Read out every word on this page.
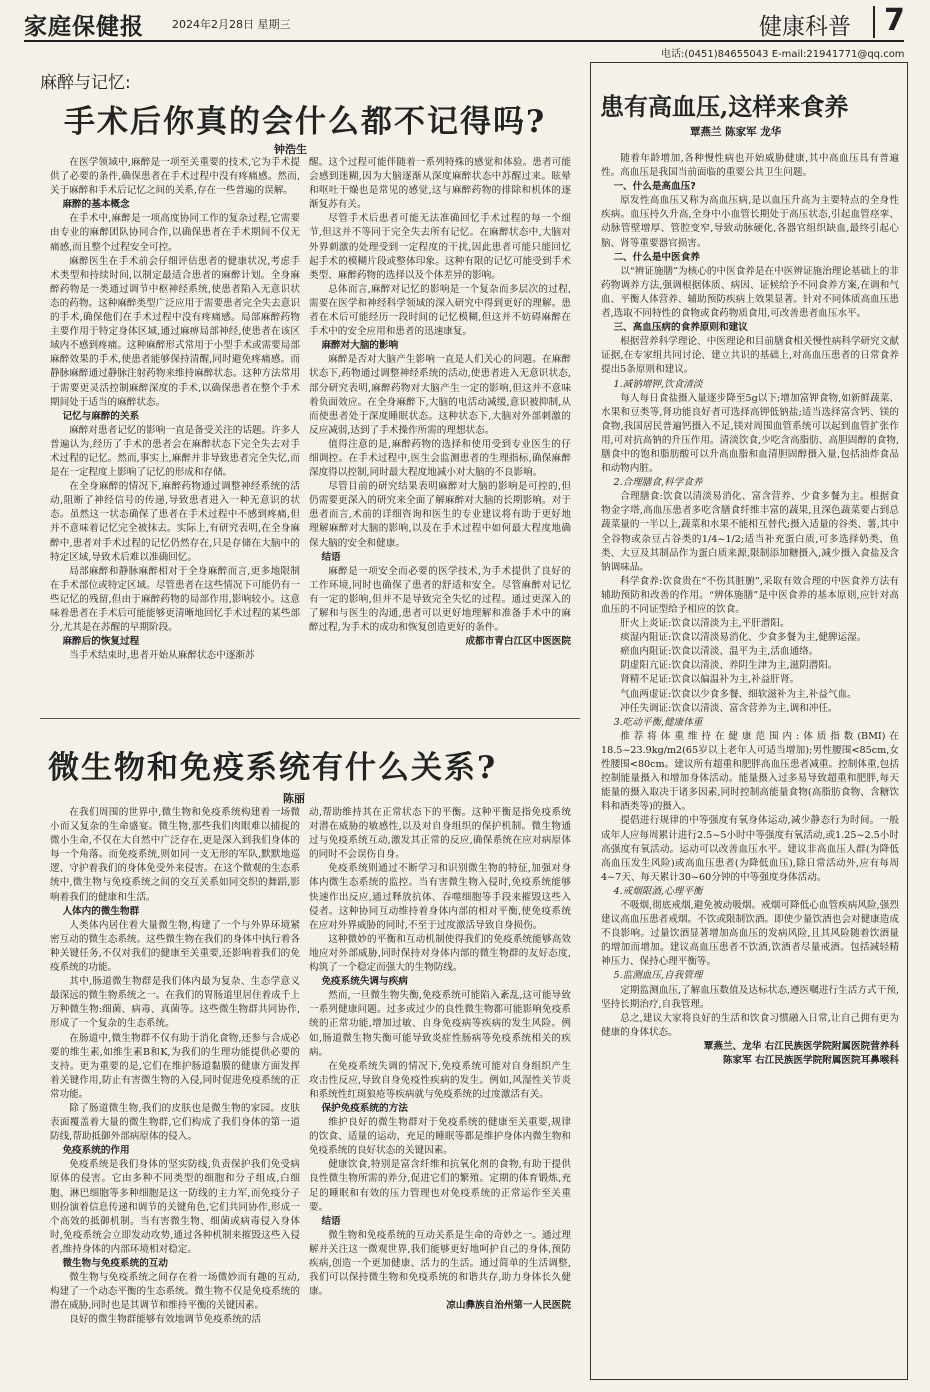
家庭保健报	2024年2月28日 星期三	健康科普 7
电话:(0451)84655043 E-mail:21941771@qq.com
麻醉与记忆:
手术后你真的会什么都不记得吗?
钟浩生

在医学领域中,麻醉是一项至关重要的技术,它为手术提供了必要的条件,确保患者在手术过程中没有疼痛感。然而,关于麻醉和手术后记忆之间的关系,存在一些普遍的误解。

麻醉的基本概念

在手术中,麻醉是一项高度协同工作的复杂过程,它需要由专业的麻醉团队协同合作,以确保患者在手术期间不仅无痛感,而且整个过程安全可控。

麻醉医生在手术前会仔细评估患者的健康状况,考虑手术类型和持续时间,以制定最适合患者的麻醉计划。全身麻醉药物是一类通过调节中枢神经系统,使患者陷入无意识状态的药物。这种麻醉类型广泛应用于需要患者完全失去意识的手术,确保他们在手术过程中没有疼痛感。局部麻醉药物主要作用于特定身体区域,通过麻痹局部神经,使患者在该区域内不感到疼痛。这种麻醉形式常用于小型手术或需要局部麻醉效果的手术,使患者能够保持清醒,同时避免疼痛感。而静脉麻醉通过静脉注射药物来维持麻醉状态。这种方法常用于需要更灵活控制麻醉深度的手术,以确保患者在整个手术期间处于适当的麻醉状态。

记忆与麻醉的关系

麻醉对患者记忆的影响一直是备受关注的话题。许多人普遍认为,经历了手术的患者会在麻醉状态下完全失去对手术过程的记忆。然而,事实上,麻醉并非导致患者完全失忆,而是在一定程度上影响了记忆的形成和存储。

在全身麻醉的情况下,麻醉药物通过调整神经系统的活动,阻断了神经信号的传递,导致患者进入一种无意识的状态。虽然这一状态确保了患者在手术过程中不感到疼痛,但并不意味着记忆完全被抹去。实际上,有研究表明,在全身麻醉中,患者对手术过程的记忆仍然存在,只是存储在大脑中的特定区域,导致术后难以准确回忆。

局部麻醉和静脉麻醉相对于全身麻醉而言,更多地限制在手术部位或特定区域。尽管患者在这些情况下可能仍有一些记忆的残留,但由于麻醉药物的局部作用,影响较小。这意味着患者在手术后可能能够更清晰地回忆手术过程的某些部分,尤其是在苏醒的早期阶段。

麻醉后的恢复过程

当手术结束时,患者开始从麻醉状态中逐渐苏

醒。这个过程可能伴随着一系列特殊的感觉和体验。患者可能会感到迷糊,因为大脑逐渐从深度麻醉状态中苏醒过来。眩晕和呕吐干燥也是常见的感觉,这与麻醉药物的排除和机体的逐渐复苏有关。

尽管手术后患者可能无法准确回忆手术过程的每一个细节,但这并不等同于完全失去所有记忆。在麻醉状态中,大脑对外界刺激的处理受到一定程度的干扰,因此患者可能只能回忆起手术的模糊片段或整体印象。这种有限的记忆可能受到手术类型、麻醉药物的选择以及个体差异的影响。

总体而言,麻醉对记忆的影响是一个复杂而多层次的过程,需要在医学和神经科学领域的深入研究中得到更好的理解。患者在术后可能经历一段时间的记忆模糊,但这并不妨碍麻醉在手术中的安全应用和患者的迅速康复。

麻醉对大脑的影响

麻醉是否对大脑产生影响一直是人们关心的问题。在麻醉状态下,药物通过调整神经系统的活动,使患者进入无意识状态,部分研究表明,麻醉药物对大脑产生一定的影响,但这并不意味着负面效应。在全身麻醉下,大脑的电活动减缓,意识被抑制,从而使患者处于深度睡眠状态。这种状态下,大脑对外部刺激的反应减弱,达到了手术操作所需的理想状态。

值得注意的是,麻醉药物的选择和使用受到专业医生的仔细调控。在手术过程中,医生会监测患者的生理指标,确保麻醉深度得以控制,同时最大程度地减小对大脑的不良影响。

尽管目前的研究结果表明麻醉对大脑的影响是可控的,但仍需要更深入的研究来全面了解麻醉对大脑的长期影响。对于患者而言,术前的详细咨询和医生的专业建议将有助于更好地理解麻醉对大脑的影响,以及在手术过程中如何最大程度地确保大脑的安全和健康。

结语

麻醉是一项安全而必要的医学技术,为手术提供了良好的工作环境,同时也确保了患者的舒适和安全。尽管麻醉对记忆有一定的影响,但并不是导致完全失忆的过程。通过更深入的了解和与医生的沟通,患者可以更好地理解和准备手术中的麻醉过程,为手术的成功和恢复创造更好的条件。

成都市青白江区中医医院

微生物和免疫系统有什么关系?
陈丽

在我们周围的世界中,微生物和免疫系统构建着一场微小而又复杂的生命盛宴。微生物,那些我们肉眼难以捕捉的微小生命,不仅在大自然中广泛存在,更是深入到我们身体的每一个角落。而免疫系统,则如同一支无形的军队,默默地巡逻、守护着我们的身体免受外来侵害。在这个微观的生态系统中,微生物与免疫系统之间的交互关系如同交织的舞蹈,影响着我们的健康和生活。

人体内的微生物群

人类体内居住着大量微生物,构建了一个与外界环境紧密互动的微生态系统。这些微生物在我们的身体中执行着各种关键任务,不仅对我们的健康至关重要,还影响着我们的免疫系统的功能。

其中,肠道微生物群是我们体内最为复杂、生态学意义最深远的微生物系统之一。在我们的胃肠道里居住着成千上万种微生物:细菌、病毒、真菌等。这些微生物群共同协作,形成了一个复杂的生态系统。

在肠道中,微生物群不仅有助于消化食物,还参与合成必要的维生素,如维生素B和K,为我们的生理功能提供必要的支持。更为重要的是,它们在维护肠道黏膜的健康方面发挥着关键作用,防止有害微生物的入侵,同时促进免疫系统的正常功能。

除了肠道微生物,我们的皮肤也是微生物的家园。皮肤表面覆盖着大量的微生物群,它们构成了我们身体的第一道防线,帮助抵御外部病原体的侵入。

免疫系统的作用

免疫系统是我们身体的坚实防线,负责保护我们免受病原体的侵害。它由多种不同类型的细胞和分子组成,白细胞、淋巴细胞等多种细胞是这一防线的主力军,而免疫分子则扮演着信息传递和调节的关键角色,它们共同协作,形成一个高效的抵御机制。当有害微生物、细菌或病毒侵入身体时,免疫系统会立即发动攻势,通过各种机制来摧毁这些入侵者,维持身体的内部环境相对稳定。

微生物与免疫系统的互动

微生物与免疫系统之间存在着一场微妙而有趣的互动,构建了一个动态平衡的生态系统。微生物不仅是免疫系统的潜在威胁,同时也是其调节和维持平衡的关键因素。

良好的微生物群能够有效地调节免疫系统的活

动,帮助维持其在正常状态下的平衡。这种平衡是指免疫系统对潜在威胁的敏感性,以及对自身组织的保护机制。微生物通过与免疫系统互动,激发其正常的反应,确保系统在应对病原体的同时不会误伤自身。

免疫系统则通过不断学习和识别微生物的特征,加强对身体内微生态系统的监控。当有害微生物入侵时,免疫系统能够快速作出反应,通过释放抗体、吞噬细胞等手段来摧毁这些入侵者。这种协同互动维持着身体内部的相对平衡,使免疫系统在应对外界威胁的同时,不至于过度激活导致自身损伤。

这种微妙的平衡和互动机制使得我们的免疫系统能够高效地应对外部威胁,同时保持对身体内部的微生物群的友好态度,构筑了一个稳定而强大的生物防线。

免疫系统失调与疾病

然而,一旦微生物失衡,免疫系统可能陷入紊乱,这可能导致一系列健康问题。过多或过少的良性微生物都可能影响免疫系统的正常功能,增加过敏、自身免疫病等疾病的发生风险。例如,肠道微生物失衡可能导致炎症性肠病等免疫系统相关的疾病。

在免疫系统失调的情况下,免疫系统可能对自身组织产生攻击性反应,导致自身免疫性疾病的发生。例如,风湿性关节炎和系统性红斑狼疮等疾病就与免疫系统的过度激活有关。

保护免疫系统的方法

维护良好的微生物群对于免疫系统的健康至关重要,规律的饮食、适量的运动、充足的睡眠等都是维护身体内微生物和免疫系统的良好状态的关键因素。

健康饮食,特别是富含纤维和抗氧化剂的食物,有助于提供良性微生物所需的养分,促进它们的繁殖。定期的体育锻炼,充足的睡眠和有效的压力管理也对免疫系统的正常运作至关重要。

结语

微生物和免疫系统的互动关系是生命的奇妙之一。通过理解并关注这一微观世界,我们能够更好地呵护自己的身体,预防疾病,创造一个更加健康、活力的生活。通过简单的生活调整,我们可以保持微生物和免疫系统的和谐共存,助力身体长久健康。

凉山彝族自治州第一人民医院

患有高血压,这样来食养
覃燕兰 陈家军 龙华

随着年龄增加,各种慢性病也开始威胁健康,其中高血压具有普遍性。高血压是我国当前面临的重要公共卫生问题。

一、什么是高血压?

原发性高血压又称为高血压病,是以血压升高为主要特点的全身性疾病。血压持久升高,全身中小血管长期处于高压状态,引起血管痉挛、动脉管壁增厚、管腔变窄,导致动脉硬化,各器官组织缺血,最终引起心脑、肾等重要器官损害。

二、什么是中医食养

以“辨证施膳”为核心的中医食养是在中医辨证施治理论基础上的非药物调养方法,强调根据体质、病因、证候给予不同食养方案,在调和气血、平衡人体营养、辅助预防疾病上效果显著。针对不同体质高血压患者,选取不同特性的食物或食药物质食用,可改善患者血压水平。

三、高血压病的食养原则和建议

根据营养科学理论、中医理论和目前膳食相关慢性病科学研究文献证据,在专家组共同讨论、建立共识的基础上,对高血压患者的日常食养提出5条原则和建议。

1.减钠增钾,饮食清淡

每人每日食盐摄入量逐步降至5g以下;增加富钾食物,如新鲜蔬菜、水果和豆类等,肾功能良好者可选择高钾低钠盐;适当选择富含钙、镁的食物,我国居民普遍钙摄入不足,镁对周围血管系统可以起到血管扩张作用,可对抗高钠的升压作用。清淡饮食,少吃含高脂肪、高胆固醇的食物,膳食中的饱和脂肪酸可以升高血脂和血清胆固醇摄入量,包括油炸食品和动物内脏。

2.合理膳食,科学食养

合理膳食:饮食以清淡易消化、富含营养、少食多餐为主。根据食物金字塔,高血压患者多吃含膳食纤维丰富的蔬果,且深色蔬菜要占到总蔬菜量的一半以上,蔬菜和水果不能相互替代;摄入适量的谷类、薯,其中全谷物或杂豆占谷类的1/4~1/2;适当补充蛋白质,可多选择奶类、鱼类、大豆及其制品作为蛋白质来源,限制添加糖摄入,减少摄入食盐及含钠调味品。

科学食养:饮食贵在“不伤其脏腑”,采取有效合理的中医食养方法有辅助预防和改善的作用。“辨体施膳”是中医食养的基本原则,应针对高血压的不同证型给予相应的饮食。

肝火上炎证:饮食以清淡为主,平肝潜阳。

痰湿内阻证:饮食以清淡易消化、少食多餐为主,健脾运湿。

瘀血内阻证:饮食以清淡、温平为主,活血通络。

阴虚阳亢证:饮食以清淡、养阴生津为主,滋阴潜阳。

肾精不足证:饮食以偏温补为主,补益肝肾。

气血两虚证:饮食以少食多餐、细软滋补为主,补益气血。

冲任失调证:饮食以清淡、富含营养为主,调和冲任。

3.吃动平衡,健康体重

推荐将体重维持在健康范围内:体质指数(BMI)在18.5~23.9kg/m2(65岁以上老年人可适当增加);男性腰围<85cm,女性腰围<80cm。建议所有超重和肥胖高血压患者减重。控制体重,包括控制能量摄入和增加身体活动。能量摄入过多易导致超重和肥胖,每天能量的摄入取决于诸多因素,同时控制高能量食物(高脂肪食物、含糖饮料和酒类等)的摄入。

提倡进行规律的中等强度有氧身体运动,减少静态行为时间。一般成年人应每周累计进行2.5~5小时中等强度有氧活动,或1.25~2.5小时高强度有氧活动。运动可以改善血压水平。建议非高血压人群(为降低高血压发生风险)或高血压患者(为降低血压),除日常活动外,应有每周4~7天、每天累计30~60分钟的中等强度身体活动。

4.戒烟限酒,心理平衡

不吸烟,彻底戒烟,避免被动吸烟。戒烟可降低心血管疾病风险,强烈建议高血压患者戒烟。不饮或限制饮酒。即使少量饮酒也会对健康造成不良影响。过量饮酒显著增加高血压的发病风险,且其风险随着饮酒量的增加而增加。建议高血压患者不饮酒,饮酒者尽量戒酒。包括减轻精神压力、保持心理平衡等。

5.监测血压,自我管理

定期监测血压,了解血压数值及达标状态,遵医嘱进行生活方式干预,坚持长期治疗,自我管理。

总之,建议大家将良好的生活和饮食习惯融入日常,让自己拥有更为健康的身体状态。

覃燕兰、龙华 右江民族医学院附属医院营养科

陈家军 右江民族医学院附属医院耳鼻喉科
